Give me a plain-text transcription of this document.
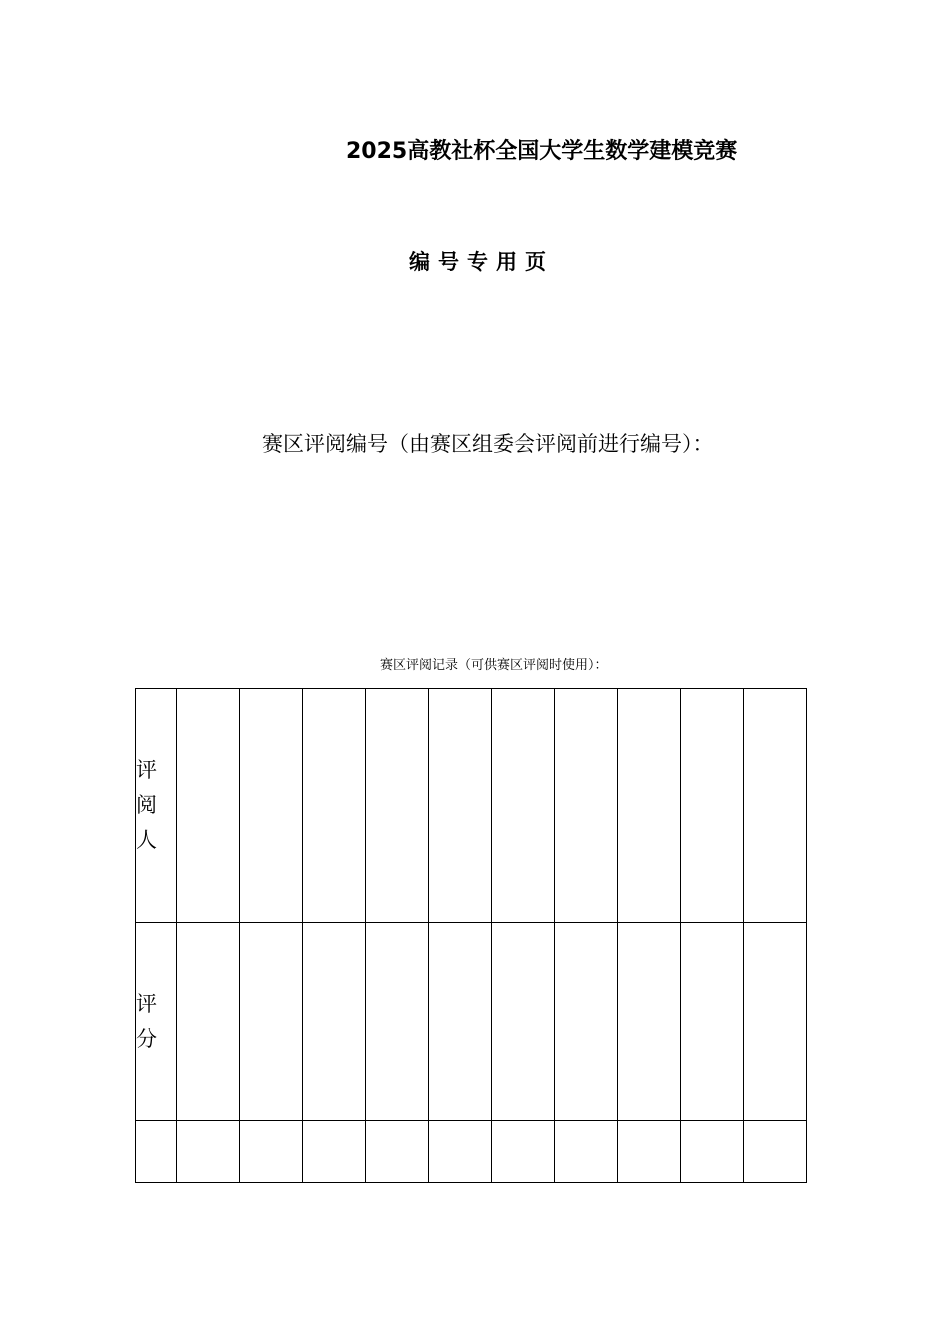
2025高教社杯全国大学生数学建模竞赛
编号专用页
赛区评阅编号（由赛区组委会评阅前进行编号）：
赛区评阅记录（可供赛区评阅时使用）：
评
阅
人										

评
分										
